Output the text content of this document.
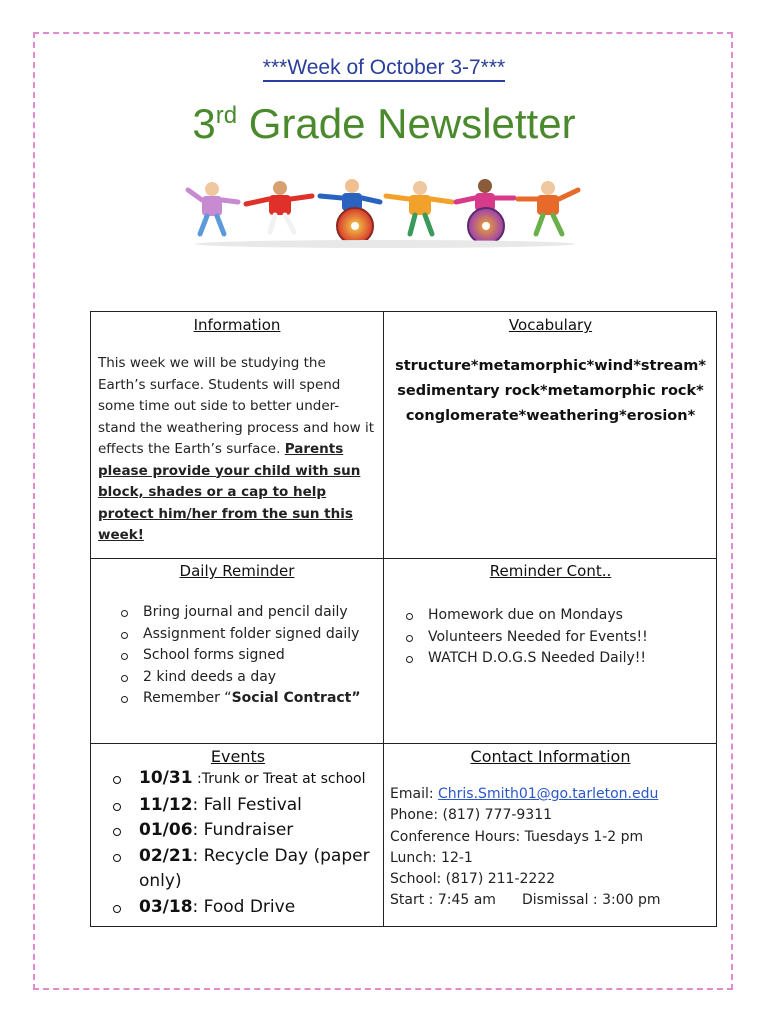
***Week of October 3-7***
3rd Grade Newsletter
Information
This week we will be studying the Earth’s surface. Students will spend some time out side to better under-stand the weathering process and how it effects the Earth’s surface. Parents please provide your child with sun block, shades or a cap to help protect him/her from the sun this week!
Vocabulary
structure*metamorphic*wind*stream*
sedimentary rock*metamorphic rock*
conglomerate*weathering*erosion*
Daily Reminder
Bring journal and pencil daily
Assignment folder signed daily
School forms signed
2 kind deeds a day
Remember “Social Contract”
Reminder Cont..
Homework due on Mondays
Volunteers Needed for Events!!
WATCH D.O.G.S Needed Daily!!
Events
10/31 :Trunk or Treat at school
11/12: Fall Festival
01/06: Fundraiser
02/21: Recycle Day (paper only)
03/18: Food Drive
Contact Information
Email: Chris.Smith01@go.tarleton.edu
Phone: (817) 777-9311
Conference Hours: Tuesdays 1-2 pm
Lunch: 12-1
School: (817) 211-2222
Start : 7:45 am Dismissal : 3:00 pm
